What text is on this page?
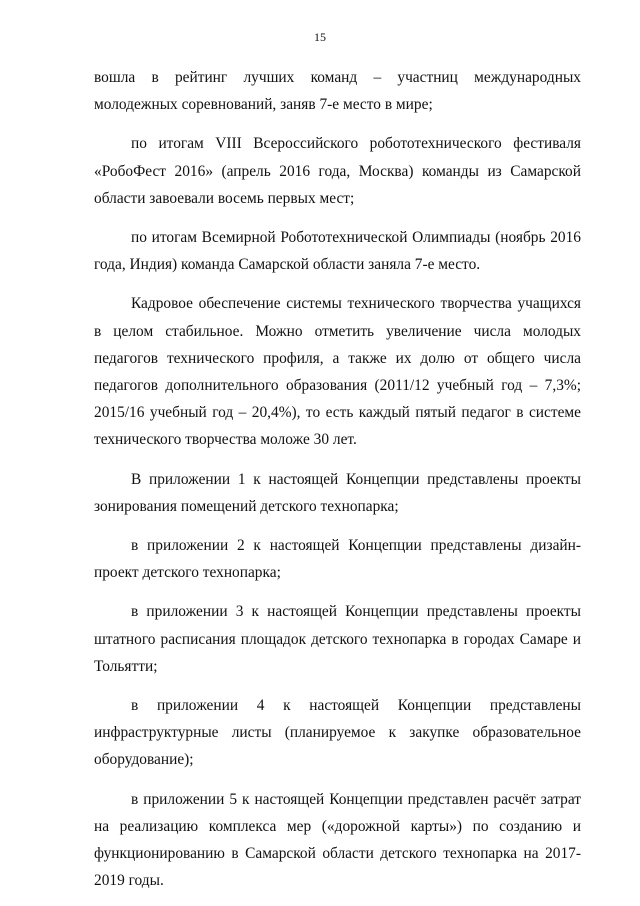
15

вошла в рейтинг лучших команд – участниц международных молодежных соревнований, заняв 7-е место в мире;

по итогам VIII Всероссийского робототехнического фестиваля «РобоФест 2016» (апрель 2016 года, Москва) команды из Самарской области завоевали восемь первых мест;

по итогам Всемирной Робототехнической Олимпиады (ноябрь 2016 года, Индия) команда Самарской области заняла 7-е место.

Кадровое обеспечение системы технического творчества учащихся в целом стабильное. Можно отметить увеличение числа молодых педагогов технического профиля, а также их долю от общего числа педагогов дополнительного образования (2011/12 учебный год – 7,3%; 2015/16 учебный год – 20,4%), то есть каждый пятый педагог в системе технического творчества моложе 30 лет.

В приложении 1 к настоящей Концепции представлены проекты зонирования помещений детского технопарка;

в приложении 2 к настоящей Концепции представлены дизайн-проект детского технопарка;

в приложении 3 к настоящей Концепции представлены проекты штатного расписания площадок детского технопарка в городах Самаре и Тольятти;

в приложении 4 к настоящей Концепции представлены инфраструктурные листы (планируемое к закупке образовательное оборудование);

в приложении 5 к настоящей Концепции представлен расчёт затрат на реализацию комплекса мер («дорожной карты») по созданию и функционированию в Самарской области детского технопарка на 2017-2019 годы.
